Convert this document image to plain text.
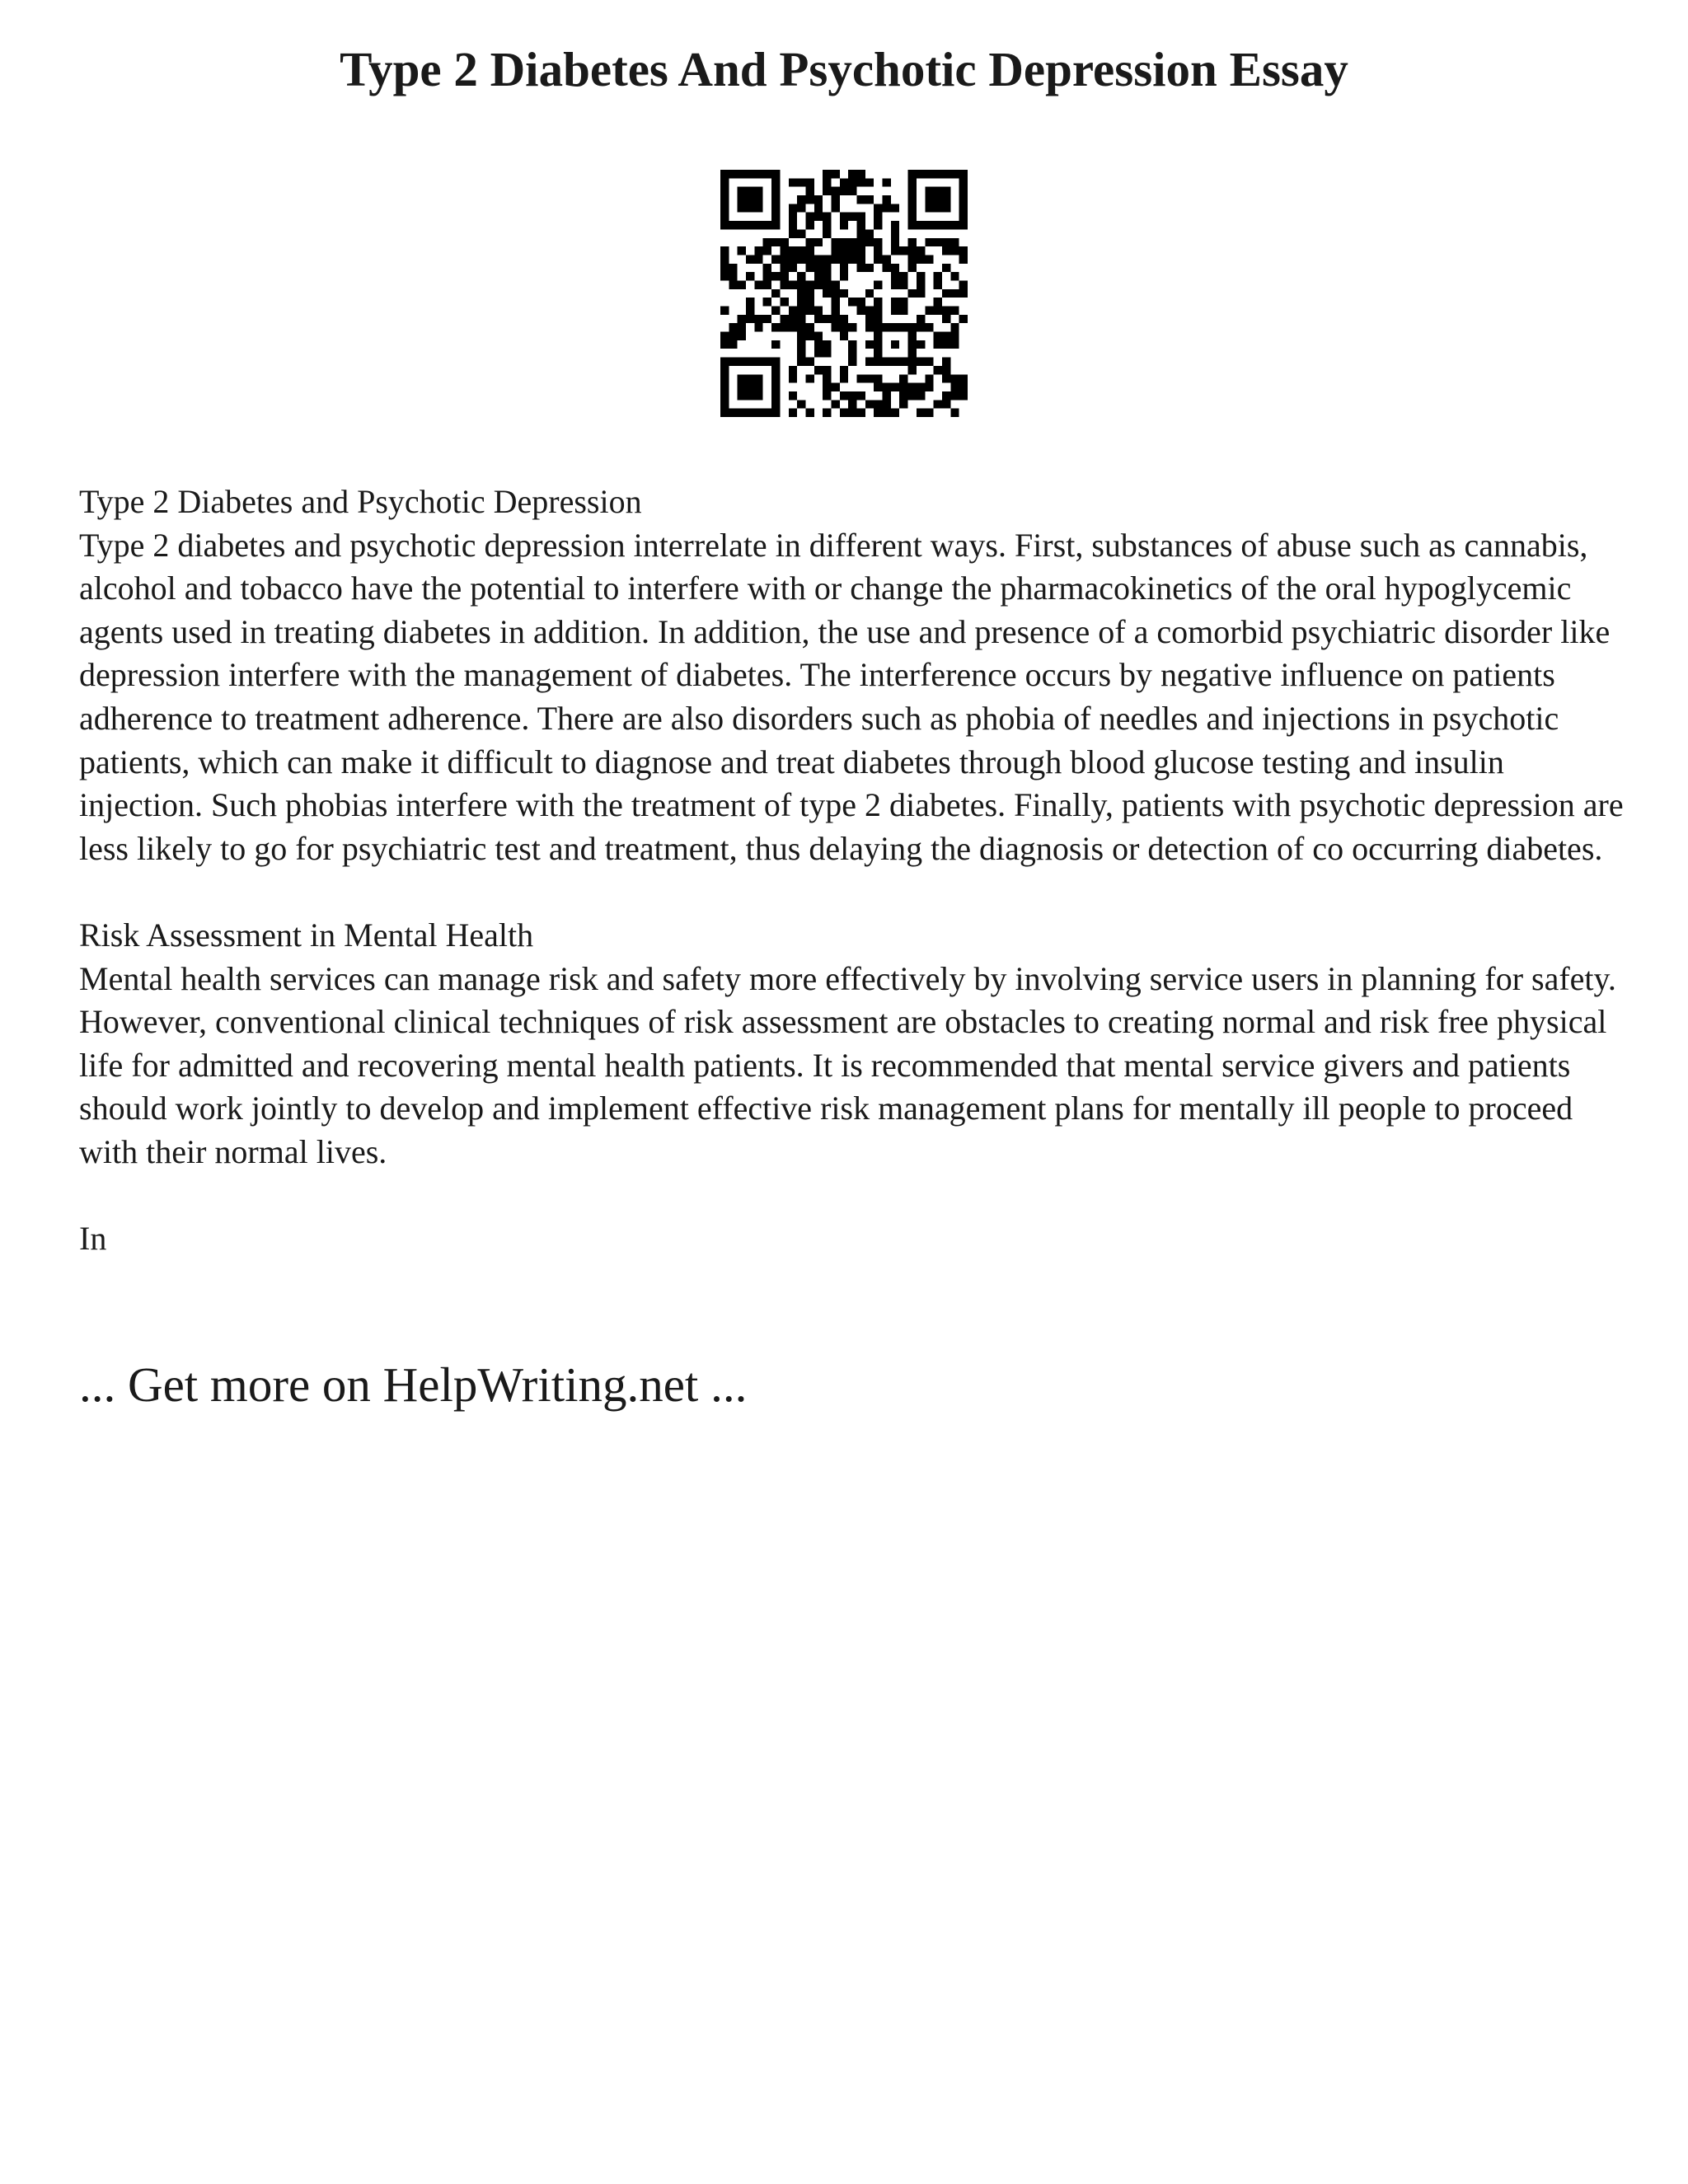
Type 2 Diabetes And Psychotic Depression Essay

Type 2 Diabetes and Psychotic Depression

Type 2 diabetes and psychotic depression interrelate in different ways. First, substances of abuse such as cannabis, alcohol and tobacco have the potential to interfere with or change the pharmacokinetics of the oral hypoglycemic agents used in treating diabetes in addition. In addition, the use and presence of a comorbid psychiatric disorder like depression interfere with the management of diabetes. The interference occurs by negative influence on patients adherence to treatment adherence. There are also disorders such as phobia of needles and injections in psychotic patients, which can make it difficult to diagnose and treat diabetes through blood glucose testing and insulin injection. Such phobias interfere with the treatment of type 2 diabetes. Finally, patients with psychotic depression are less likely to go for psychiatric test and treatment, thus delaying the diagnosis or detection of co occurring diabetes.

Risk Assessment in Mental Health

Mental health services can manage risk and safety more effectively by involving service users in planning for safety. However, conventional clinical techniques of risk assessment are obstacles to creating normal and risk free physical life for admitted and recovering mental health patients. It is recommended that mental service givers and patients should work jointly to develop and implement effective risk management plans for mentally ill people to proceed with their normal lives.

In

... Get more on HelpWriting.net ...
